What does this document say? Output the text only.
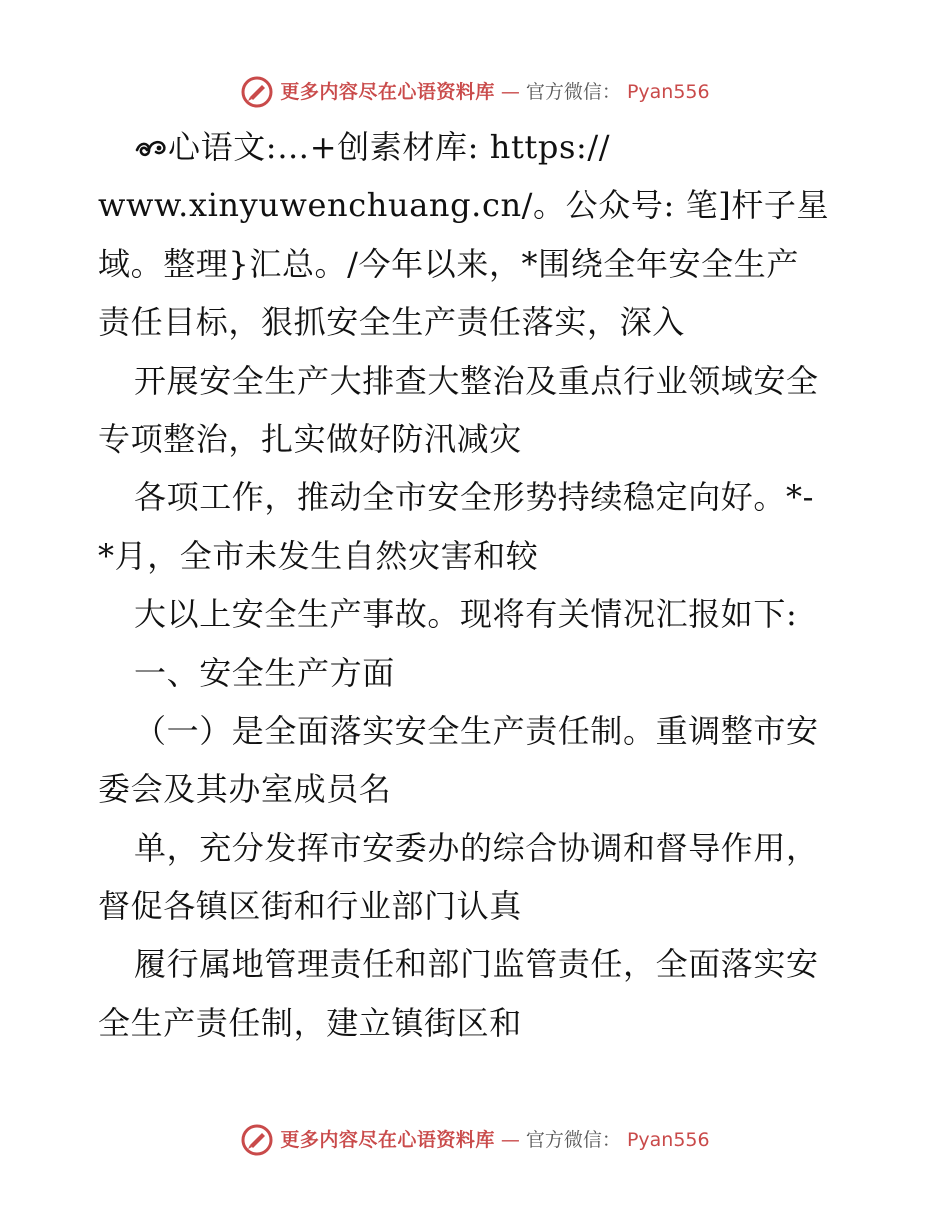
更多内容尽在心语资料库 — 官方微信： Pyan556
心语文:…+创素材库: https://
www.xinyuwenchuang.cn/。公众号: 笔]杆子星
域。整理}汇总。/今年以来，*围绕全年安全生产
责任目标，狠抓安全生产责任落实，深入
开展安全生产大排查大整治及重点行业领域安全
专项整治，扎实做好防汛减灾
各项工作，推动全市安全形势持续稳定向好。*-
*月，全市未发生自然灾害和较
大以上安全生产事故。现将有关情况汇报如下:
一、安全生产方面
（一）是全面落实安全生产责任制。重调整市安
委会及其办室成员名
单，充分发挥市安委办的综合协调和督导作用，
督促各镇区街和行业部门认真
履行属地管理责任和部门监管责任，全面落实安
全生产责任制，建立镇街区和
更多内容尽在心语资料库 — 官方微信： Pyan556
